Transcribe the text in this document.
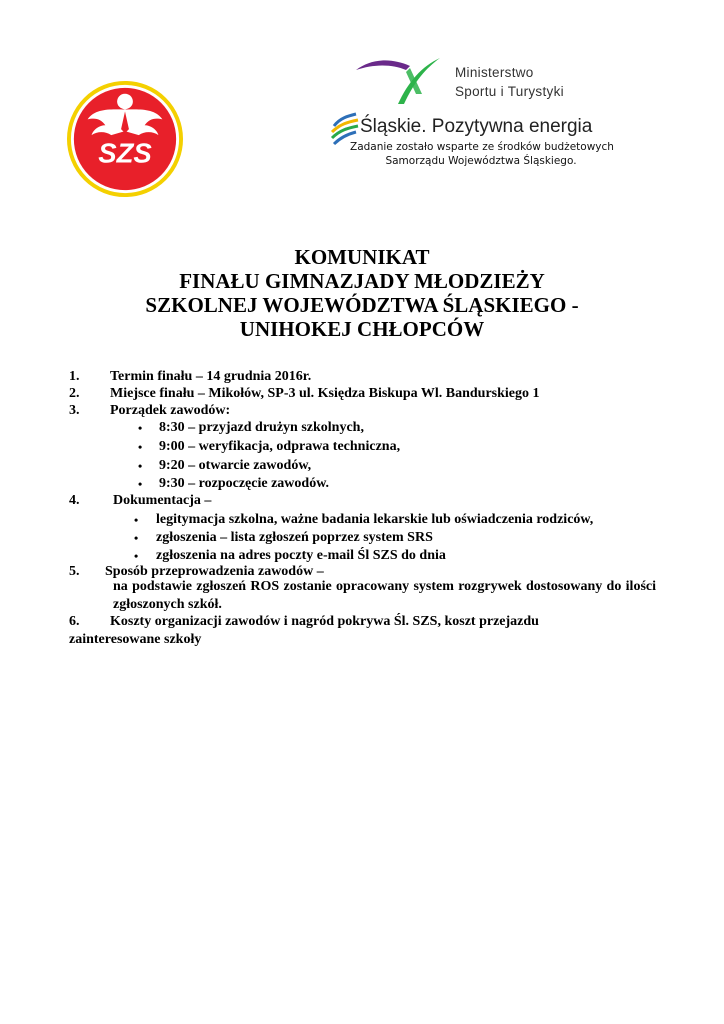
SZS
Ministerstwo
Sportu i Turystyki
Śląskie. Pozytywna energia
Zadanie zostało wsparte ze środków budżetowych
Samorządu Województwa Śląskiego.
KOMUNIKAT
FINAŁU GIMNAZJADY MŁODZIEŻY
SZKOLNEJ WOJEWÓDZTWA ŚLĄSKIEGO -
UNIHOKEJ CHŁOPCÓW
1. Termin finału – 14 grudnia 2016r.
2. Miejsce finału – Mikołów, SP-3 ul. Księdza Biskupa Wl. Bandurskiego 1
3. Porządek zawodów:
• 8:30 – przyjazd drużyn szkolnych,
• 9:00 – weryfikacja, odprawa techniczna,
• 9:20 – otwarcie zawodów,
• 9:30 – rozpoczęcie zawodów.
4. Dokumentacja –
• legitymacja szkolna, ważne badania lekarskie lub oświadczenia rodziców,
• zgłoszenia – lista zgłoszeń poprzez system SRS
• zgłoszenia na adres poczty e-mail Śl SZS do dnia
5. Sposób przeprowadzenia zawodów –
na podstawie zgłoszeń ROS zostanie opracowany system rozgrywek dostosowany do ilości zgłoszonych szkół.
6. Koszty organizacji zawodów i nagród pokrywa Śl. SZS, koszt przejazdu
zainteresowane szkoły
